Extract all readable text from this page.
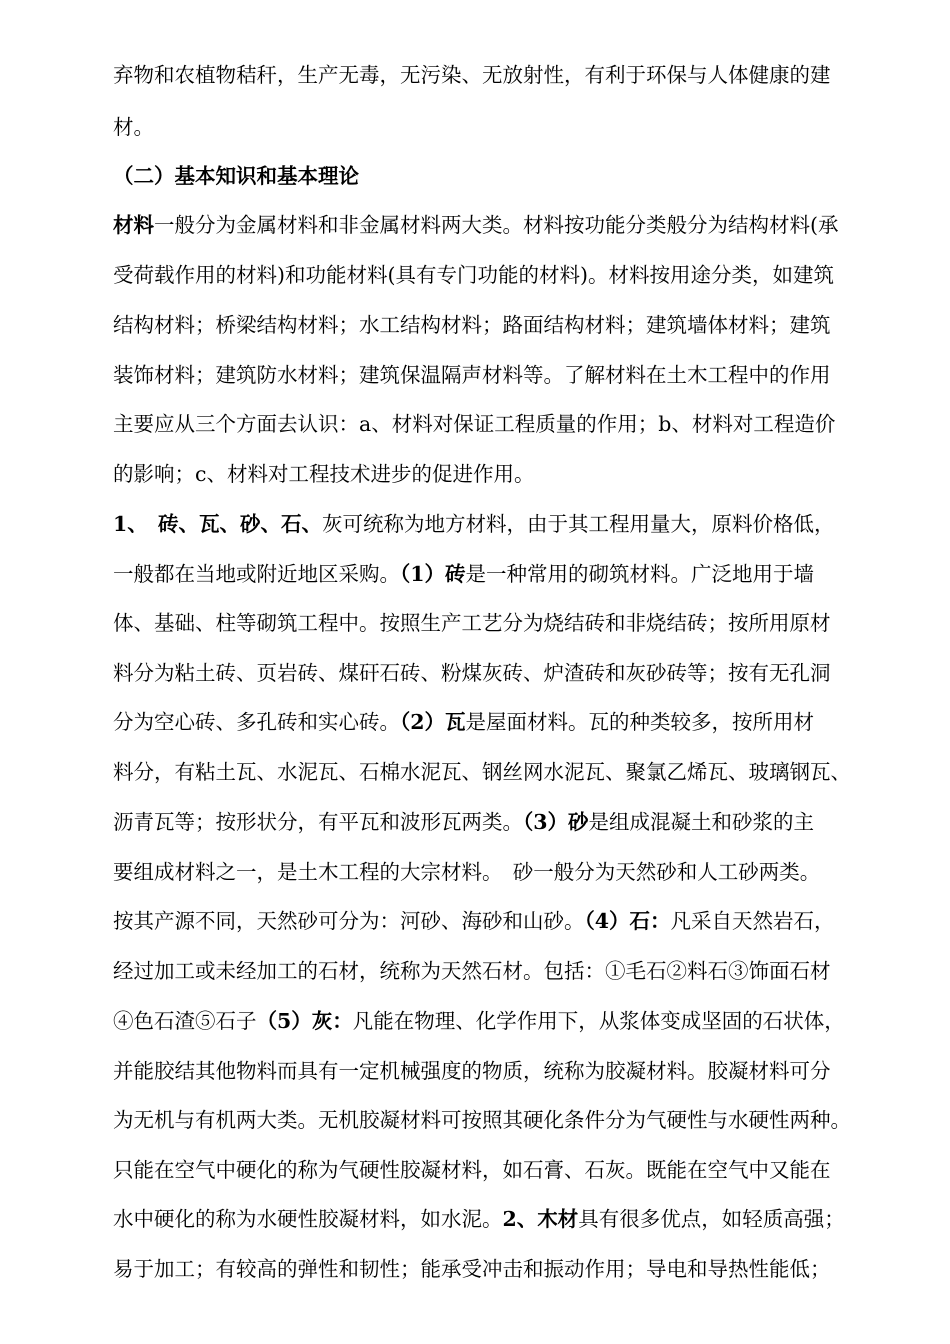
弃物和农植物秸秆，生产无毒，无污染、无放射性，有利于环保与人体健康的建
材。
（二）基本知识和基本理论
材料一般分为金属材料和非金属材料两大类。材料按功能分类般分为结构材料(承
受荷载作用的材料)和功能材料(具有专门功能的材料)。材料按用途分类，如建筑
结构材料；桥梁结构材料；水工结构材料；路面结构材料；建筑墙体材料；建筑
装饰材料；建筑防水材料；建筑保温隔声材料等。了解材料在土木工程中的作用
主要应从三个方面去认识：a、材料对保证工程质量的作用；b、材料对工程造价
的影响；c、材料对工程技术进步的促进作用。
1、　砖、瓦、砂、石、灰可统称为地方材料，由于其工程用量大，原料价格低，
一般都在当地或附近地区采购。（1）砖是一种常用的砌筑材料。广泛地用于墙
体、基础、柱等砌筑工程中。按照生产工艺分为烧结砖和非烧结砖；按所用原材
料分为粘土砖、页岩砖、煤矸石砖、粉煤灰砖、炉渣砖和灰砂砖等；按有无孔洞
分为空心砖、多孔砖和实心砖。（2）瓦是屋面材料。瓦的种类较多，按所用材
料分，有粘土瓦、水泥瓦、石棉水泥瓦、钢丝网水泥瓦、聚氯乙烯瓦、玻璃钢瓦、
沥青瓦等；按形状分，有平瓦和波形瓦两类。（3）砂是组成混凝土和砂浆的主
要组成材料之一，是土木工程的大宗材料。　砂一般分为天然砂和人工砂两类。
按其产源不同，天然砂可分为：河砂、海砂和山砂。（4）石：凡采自天然岩石，
经过加工或未经加工的石材，统称为天然石材。包括：①毛石②料石③饰面石材
④色石渣⑤石子（5）灰：凡能在物理、化学作用下，从浆体变成坚固的石状体，
并能胶结其他物料而具有一定机械强度的物质，统称为胶凝材料。胶凝材料可分
为无机与有机两大类。无机胶凝材料可按照其硬化条件分为气硬性与水硬性两种。
只能在空气中硬化的称为气硬性胶凝材料，如石膏、石灰。既能在空气中又能在
水中硬化的称为水硬性胶凝材料，如水泥。2、木材具有很多优点，如轻质高强；
易于加工；有较高的弹性和韧性；能承受冲击和振动作用；导电和导热性能低；
